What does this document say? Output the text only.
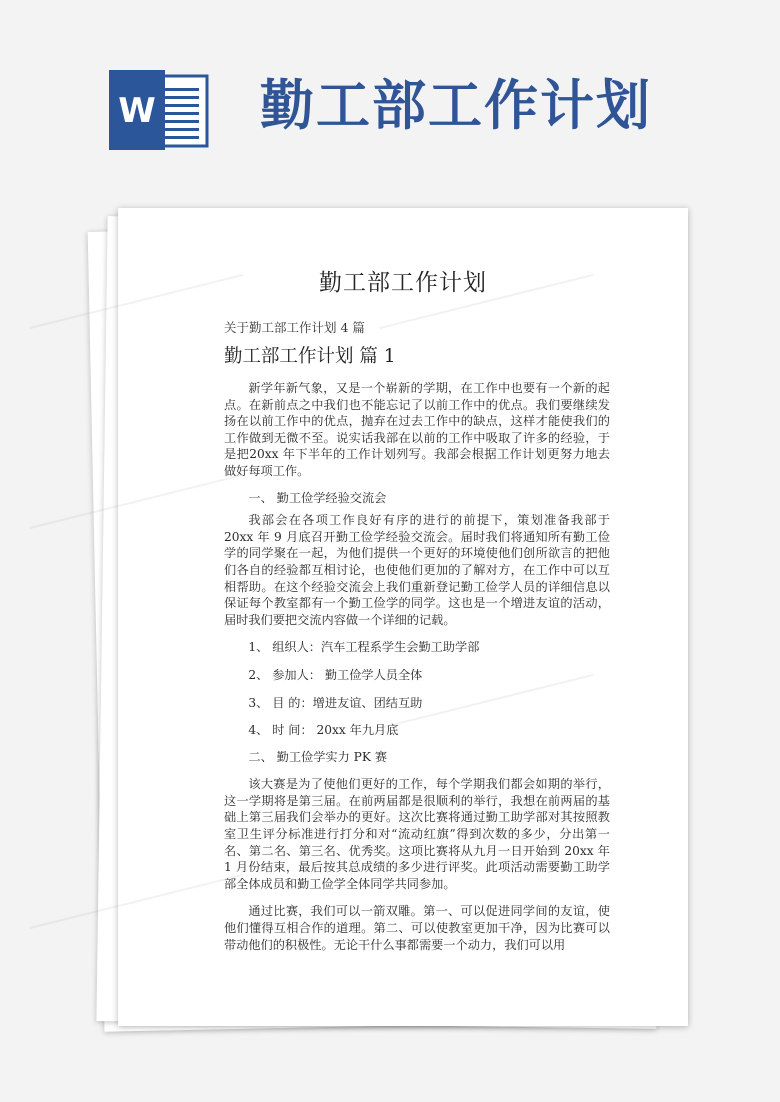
W 勤工部工作计划
勤工部工作计划
关于勤工部工作计划 4 篇
勤工部工作计划 篇 1

新学年新气象，又是一个崭新的学期，在工作中也要有一个新的起点。在新前点之中我们也不能忘记了以前工作中的优点。我们要继续发扬在以前工作中的优点，抛弃在过去工作中的缺点，这样才能使我们的工作做到无微不至。说实话我部在以前的工作中吸取了许多的经验，于是把20xx 年下半年的工作计划列写。我部会根据工作计划更努力地去做好每项工作。

一、 勤工俭学经验交流会

我部会在各项工作良好有序的进行的前提下，策划准备我部于 20xx 年 9 月底召开勤工俭学经验交流会。届时我们将通知所有勤工俭学的同学聚在一起，为他们提供一个更好的环境使他们创所欲言的把他们各自的经验都互相讨论，也使他们更加的了解对方，在工作中可以互相帮助。在这个经验交流会上我们重新登记勤工俭学人员的详细信息以保证每个教室都有一个勤工俭学的同学。这也是一个增进友谊的活动，届时我们要把交流内容做一个详细的记载。

1、 组织人：汽车工程系学生会勤工助学部

2、 参加人： 勤工俭学人员全体

3、 目 的：增进友谊、团结互助

4、 时 间： 20xx 年九月底

二、 勤工俭学实力 PK 赛

该大赛是为了使他们更好的工作，每个学期我们都会如期的举行，这一学期将是第三届。在前两届都是很顺利的举行，我想在前两届的基础上第三届我们会举办的更好。这次比赛将通过勤工助学部对其按照教室卫生评分标准进行打分和对“流动红旗”得到次数的多少，分出第一名、第二名、第三名、优秀奖。这项比赛将从九月一日开始到 20xx 年 1 月份结束，最后按其总成绩的多少进行评奖。此项活动需要勤工助学部全体成员和勤工俭学全体同学共同参加。

通过比赛，我们可以一箭双雕。第一、可以促进同学间的友谊，使他们懂得互相合作的道理。第二、可以使教室更加干净，因为比赛可以带动他们的积极性。无论干什么事都需要一个动力，我们可以用
